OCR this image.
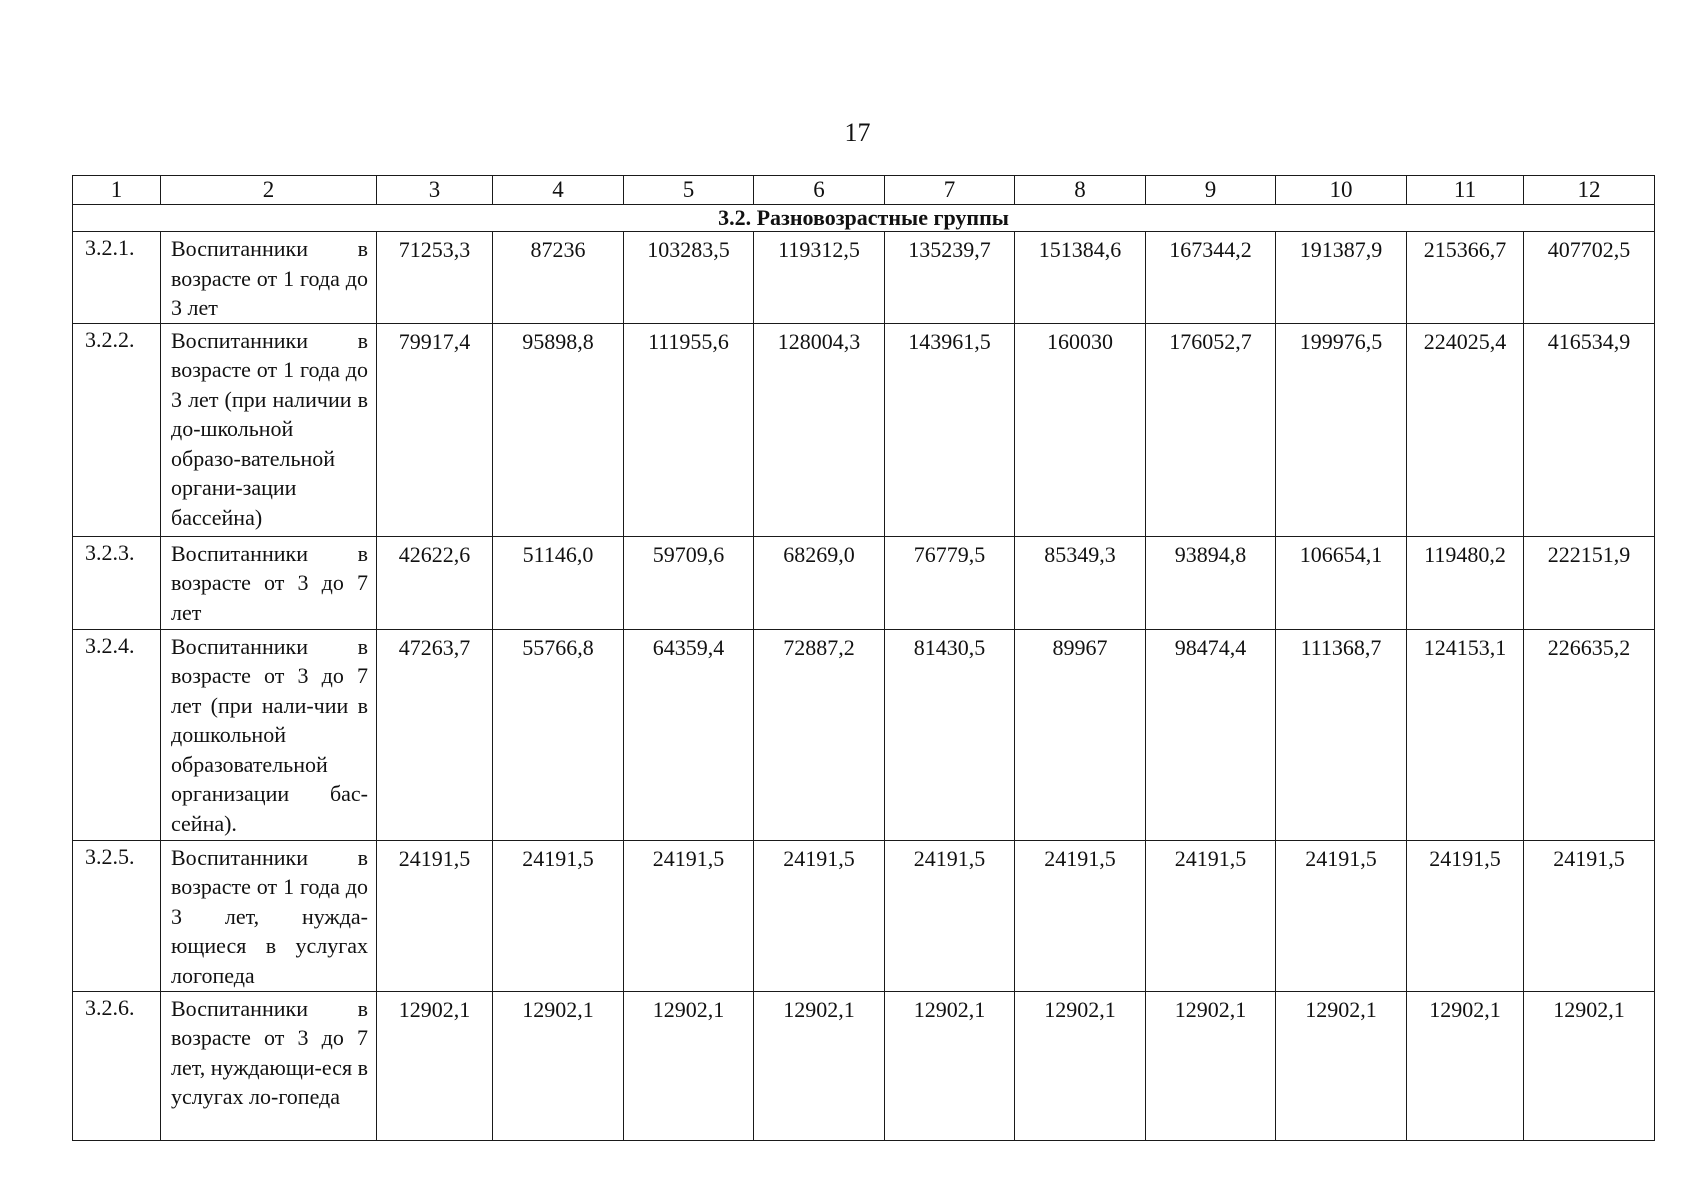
17
1	2	3	4	5	6	7	8	9	10	11	12
3.2. Разновозрастные группы											
3.2.1.	Воспитанники в возрасте от 1 года до 3 лет	71253,3	87236	103283,5	119312,5	135239,7	151384,6	167344,2	191387,9	215366,7	407702,5
3.2.2.	Воспитанники в возрасте от 1 года до 3 лет (при наличии в до-школьной образо-вательной органи-зации бассейна)	79917,4	95898,8	111955,6	128004,3	143961,5	160030	176052,7	199976,5	224025,4	416534,9
3.2.3.	Воспитанники в возрасте от 3 до 7 лет	42622,6	51146,0	59709,6	68269,0	76779,5	85349,3	93894,8	106654,1	119480,2	222151,9
3.2.4.	Воспитанники в возрасте от 3 до 7 лет (при нали-чии в дошкольной образовательной организации бас-сейна).	47263,7	55766,8	64359,4	72887,2	81430,5	89967	98474,4	111368,7	124153,1	226635,2
3.2.5.	Воспитанники в возрасте от 1 года до 3 лет, нужда-ющиеся в услугах логопеда	24191,5	24191,5	24191,5	24191,5	24191,5	24191,5	24191,5	24191,5	24191,5	24191,5
3.2.6.	Воспитанники в возрасте от 3 до 7 лет, нуждающи-еся в услугах ло-гопеда	12902,1	12902,1	12902,1	12902,1	12902,1	12902,1	12902,1	12902,1	12902,1	12902,1
